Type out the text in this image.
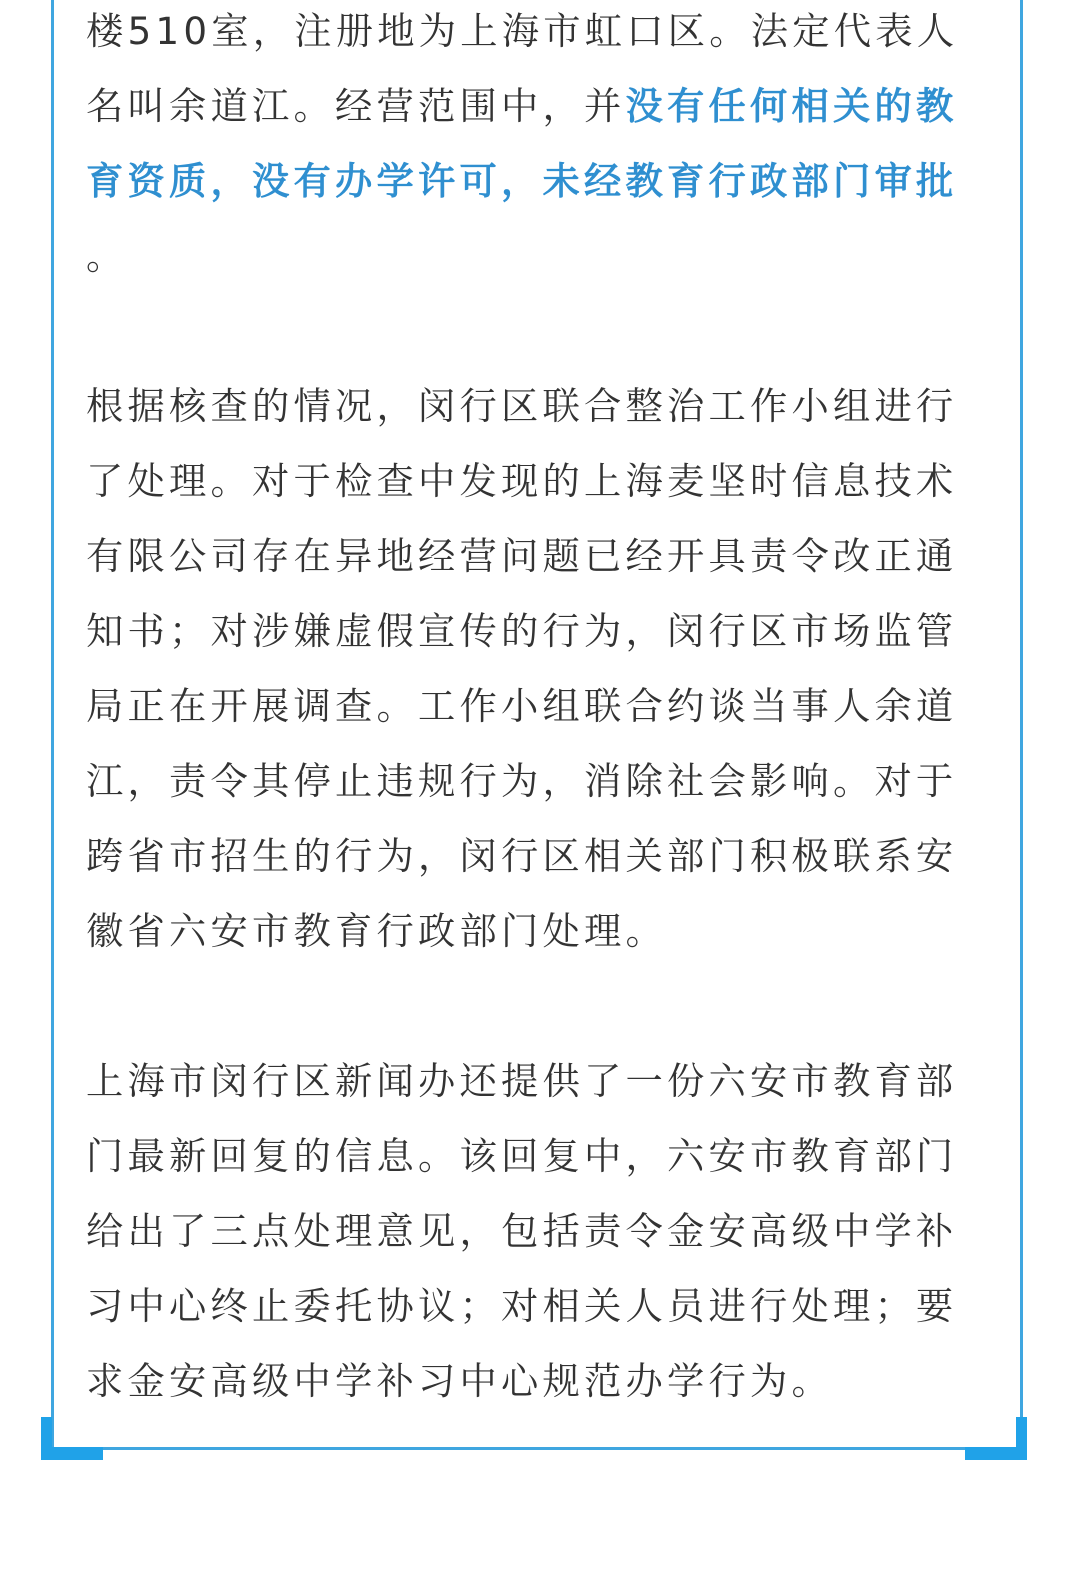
楼510室，注册地为上海市虹口区。法定代表人
名叫余道江。经营范围中，并没有任何相关的教
育资质，没有办学许可，未经教育行政部门审批
。
根据核查的情况，闵行区联合整治工作小组进行
了处理。对于检查中发现的上海麦坚时信息技术
有限公司存在异地经营问题已经开具责令改正通
知书；对涉嫌虚假宣传的行为，闵行区市场监管
局正在开展调查。工作小组联合约谈当事人余道
江，责令其停止违规行为，消除社会影响。对于
跨省市招生的行为，闵行区相关部门积极联系安
徽省六安市教育行政部门处理。
上海市闵行区新闻办还提供了一份六安市教育部
门最新回复的信息。该回复中，六安市教育部门
给出了三点处理意见，包括责令金安高级中学补
习中心终止委托协议；对相关人员进行处理；要
求金安高级中学补习中心规范办学行为。
